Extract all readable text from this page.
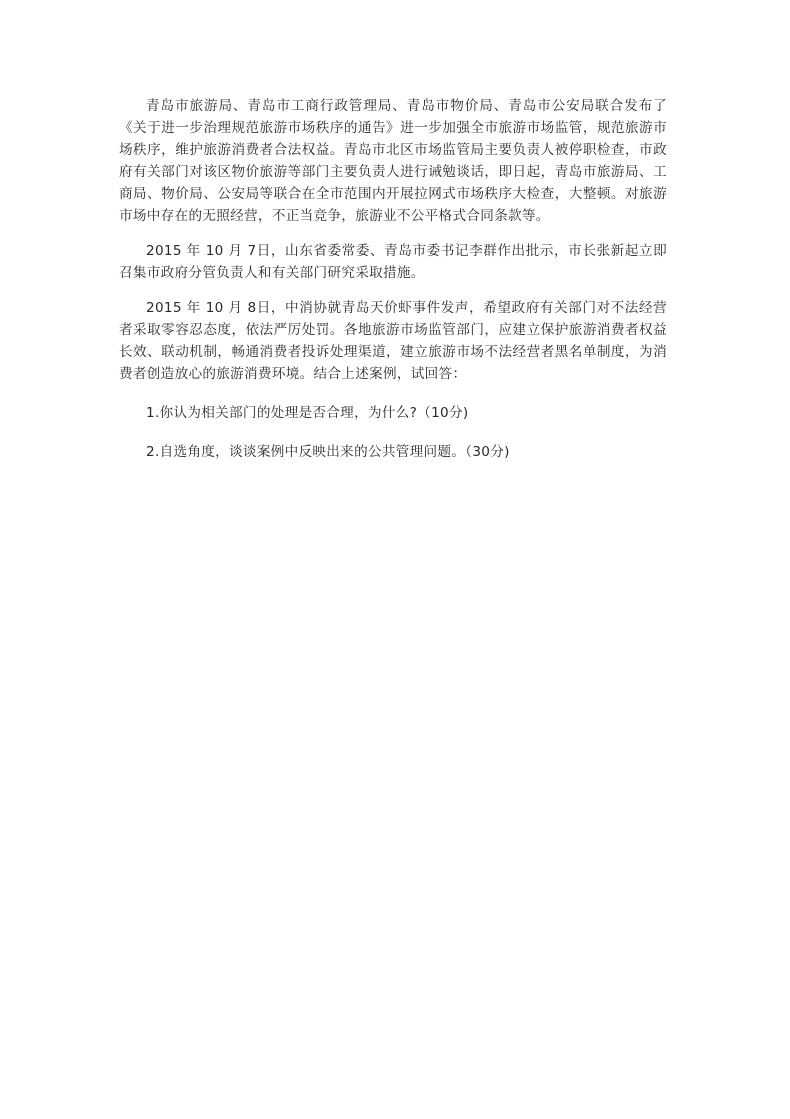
青岛市旅游局、青岛市工商行政管理局、青岛市物价局、青岛市公安局联合发布了《关于进一步治理规范旅游市场秩序的通告》进一步加强全市旅游市场监管，规范旅游市场秩序，维护旅游消费者合法权益。青岛市北区市场监管局主要负责人被停职检查，市政府有关部门对该区物价旅游等部门主要负责人进行诫勉谈话，即日起，青岛市旅游局、工商局、物价局、公安局等联合在全市范围内开展拉网式市场秩序大检查，大整顿。对旅游市场中存在的无照经营，不正当竞争，旅游业不公平格式合同条款等。

2015 年 10 月 7日，山东省委常委、青岛市委书记李群作出批示，市长张新起立即召集市政府分管负责人和有关部门研究采取措施。

2015 年 10 月 8日，中消协就青岛天价虾事件发声，希望政府有关部门对不法经营者采取零容忍态度，依法严厉处罚。各地旅游市场监管部门，应建立保护旅游消费者权益长效、联动机制，畅通消费者投诉处理渠道，建立旅游市场不法经营者黑名单制度，为消费者创造放心的旅游消费环境。结合上述案例，试回答：

1.你认为相关部门的处理是否合理，为什么?（10分)

2.自选角度，谈谈案例中反映出来的公共管理问题。（30分)
